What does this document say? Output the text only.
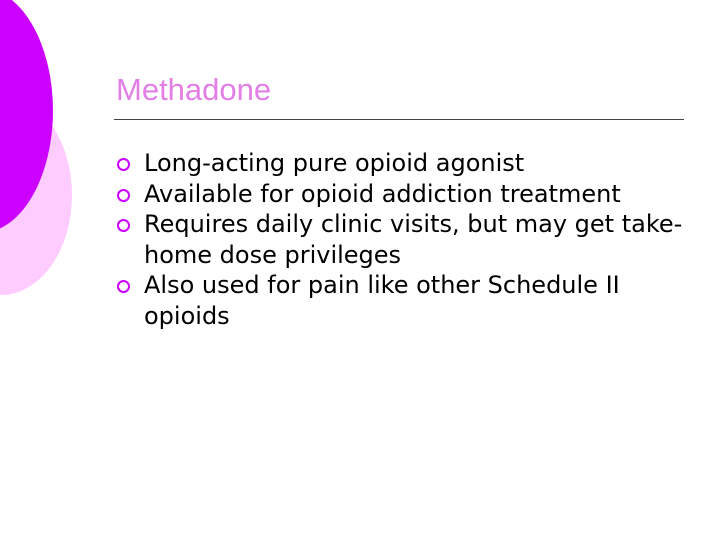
Methadone
Long-acting pure opioid agonist
Available for opioid addiction treatment
Requires daily clinic visits, but may get take-home dose privileges
Also used for pain like other Schedule II opioids
